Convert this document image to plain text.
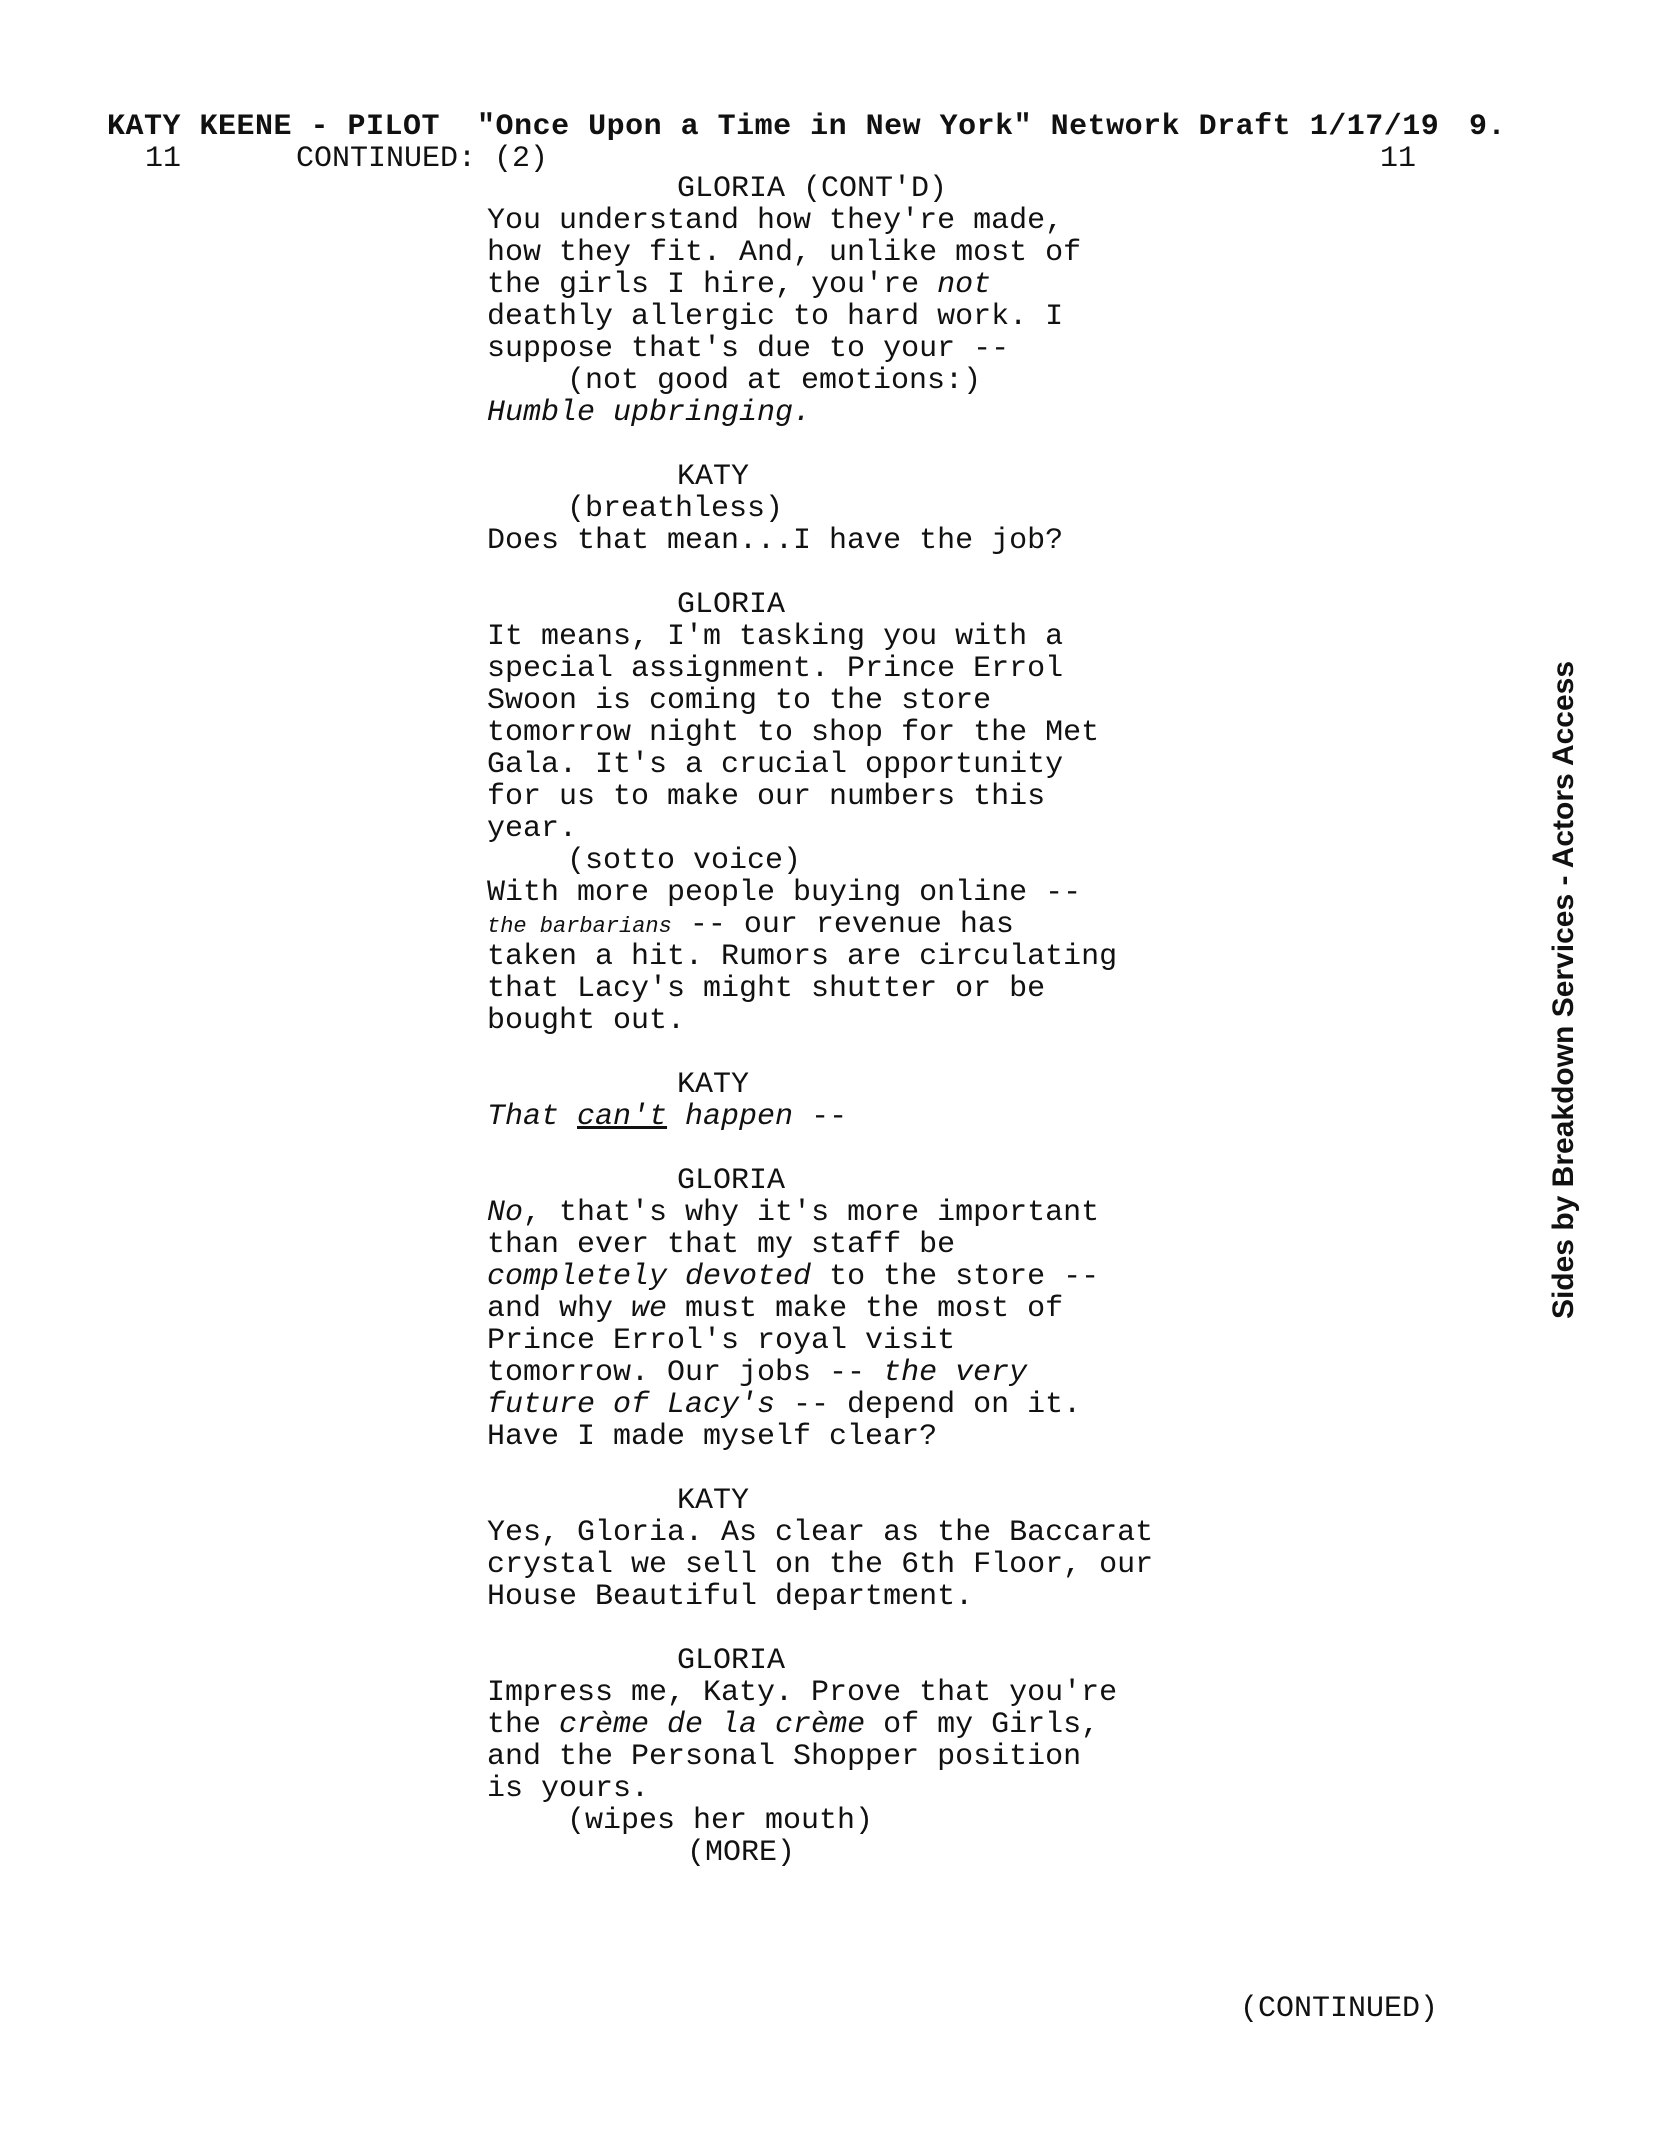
KATY KEENE - PILOT  "Once Upon a Time in New York" Network Draft 1/17/19 9.
11	CONTINUED: (2)	11
GLORIA (CONT'D)
You understand how they're made,
how they fit. And, unlike most of
the girls I hire, you're not
deathly allergic to hard work. I
suppose that's due to your --
(not good at emotions:)
Humble upbringing.
KATY
(breathless)
Does that mean...I have the job?
GLORIA
It means, I'm tasking you with a
special assignment. Prince Errol
Swoon is coming to the store
tomorrow night to shop for the Met
Gala. It's a crucial opportunity
for us to make our numbers this
year.
(sotto voice)
With more people buying online --
the barbarians -- our revenue has
taken a hit. Rumors are circulating
that Lacy's might shutter or be
bought out.
KATY
That can't happen --
GLORIA
No, that's why it's more important
than ever that my staff be
completely devoted to the store --
and why we must make the most of
Prince Errol's royal visit
tomorrow. Our jobs -- the very
future of Lacy's -- depend on it.
Have I made myself clear?
KATY
Yes, Gloria. As clear as the Baccarat
crystal we sell on the 6th Floor, our
House Beautiful department.
GLORIA
Impress me, Katy. Prove that you're
the crème de la crème of my Girls,
and the Personal Shopper position
is yours.
(wipes her mouth)
(MORE)
Sides by Breakdown Services - Actors Access
(CONTINUED)
